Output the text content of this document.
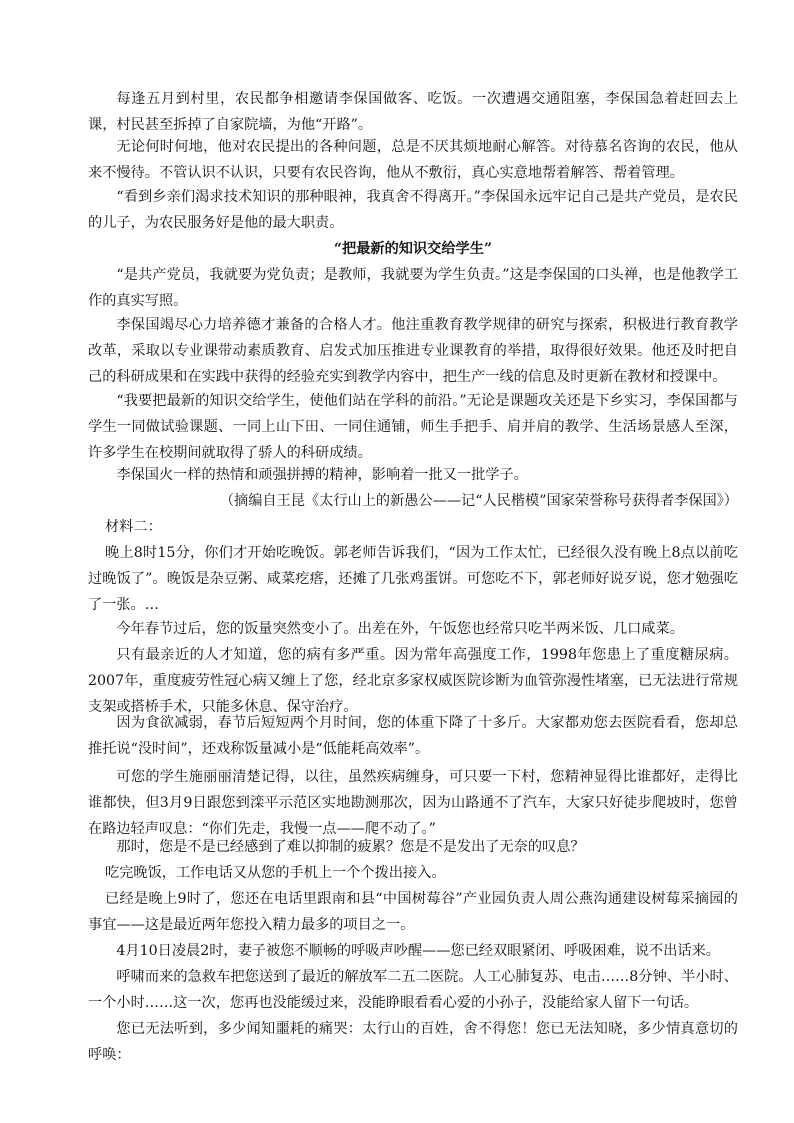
每逢五月到村里，农民都争相邀请李保国做客、吃饭。一次遭遇交通阻塞，李保国急着赶回去上课，村民甚至拆掉了自家院墙，为他“开路”。

无论何时何地，他对农民提出的各种问题，总是不厌其烦地耐心解答。对待慕名咨询的农民，他从来不慢待。不管认识不认识，只要有农民咨询，他从不敷衍，真心实意地帮着解答、帮着管理。

“看到乡亲们渴求技术知识的那种眼神，我真舍不得离开。”李保国永远牢记自己是共产党员，是农民的儿子，为农民服务好是他的最大职责。

“把最新的知识交给学生”

“是共产党员，我就要为党负责；是教师，我就要为学生负责。”这是李保国的口头禅，也是他教学工作的真实写照。

李保国竭尽心力培养德才兼备的合格人才。他注重教育教学规律的研究与探索，积极进行教育教学改革，采取以专业课带动素质教育、启发式加压推进专业课教育的举措，取得很好效果。他还及时把自己的科研成果和在实践中获得的经验充实到教学内容中，把生产一线的信息及时更新在教材和授课中。

“我要把最新的知识交给学生，使他们站在学科的前沿。”无论是课题攻关还是下乡实习，李保国都与学生一同做试验课题、一同上山下田、一同住通铺，师生手把手、肩并肩的教学、生活场景感人至深，许多学生在校期间就取得了骄人的科研成绩。

李保国火一样的热情和顽强拼搏的精神，影响着一批又一批学子。

（摘编自王昆《太行山上的新愚公——记“人民楷模”国家荣誉称号获得者李保国》）

材料二：

晚上8时15分，你们才开始吃晚饭。郭老师告诉我们，“因为工作太忙，已经很久没有晚上8点以前吃过晚饭了”。晚饭是杂豆粥、咸菜疙瘩，还摊了几张鸡蛋饼。可您吃不下，郭老师好说歹说，您才勉强吃了一张。…

今年春节过后，您的饭量突然变小了。出差在外，午饭您也经常只吃半两米饭、几口咸菜。

只有最亲近的人才知道，您的病有多严重。因为常年高强度工作，1998年您患上了重度糖尿病。2007年，重度疲劳性冠心病又缠上了您，经北京多家权威医院诊断为血管弥漫性堵塞，已无法进行常规支架或搭桥手术，只能多休息、保守治疗。

因为食欲减弱，春节后短短两个月时间，您的体重下降了十多斤。大家都劝您去医院看看，您却总推托说“没时间”，还戏称饭量减小是“低能耗高效率”。

可您的学生施丽丽清楚记得，以往，虽然疾病缠身，可只要一下村，您精神显得比谁都好，走得比谁都快，但3月9日跟您到滦平示范区实地勘测那次，因为山路通不了汽车，大家只好徒步爬坡时，您曾在路边轻声叹息：“你们先走，我慢一点——爬不动了。”

那时，您是不是已经感到了难以抑制的疲累？您是不是发出了无奈的叹息？

吃完晚饭，工作电话又从您的手机上一个个拨出接入。

已经是晚上9时了，您还在电话里跟南和县“中国树莓谷”产业园负责人周公燕沟通建设树莓采摘园的事宜——这是最近两年您投入精力最多的项目之一。

4月10日凌晨2时，妻子被您不顺畅的呼吸声吵醒——您已经双眼紧闭、呼吸困难，说不出话来。

呼啸而来的急救车把您送到了最近的解放军二五二医院。人工心肺复苏、电击……8分钟、半小时、一个小时……这一次，您再也没能缓过来，没能睁眼看看心爱的小孙子，没能给家人留下一句话。

您已无法听到，多少闻知噩耗的痛哭：太行山的百姓，舍不得您！您已无法知晓，多少情真意切的呼唤：
